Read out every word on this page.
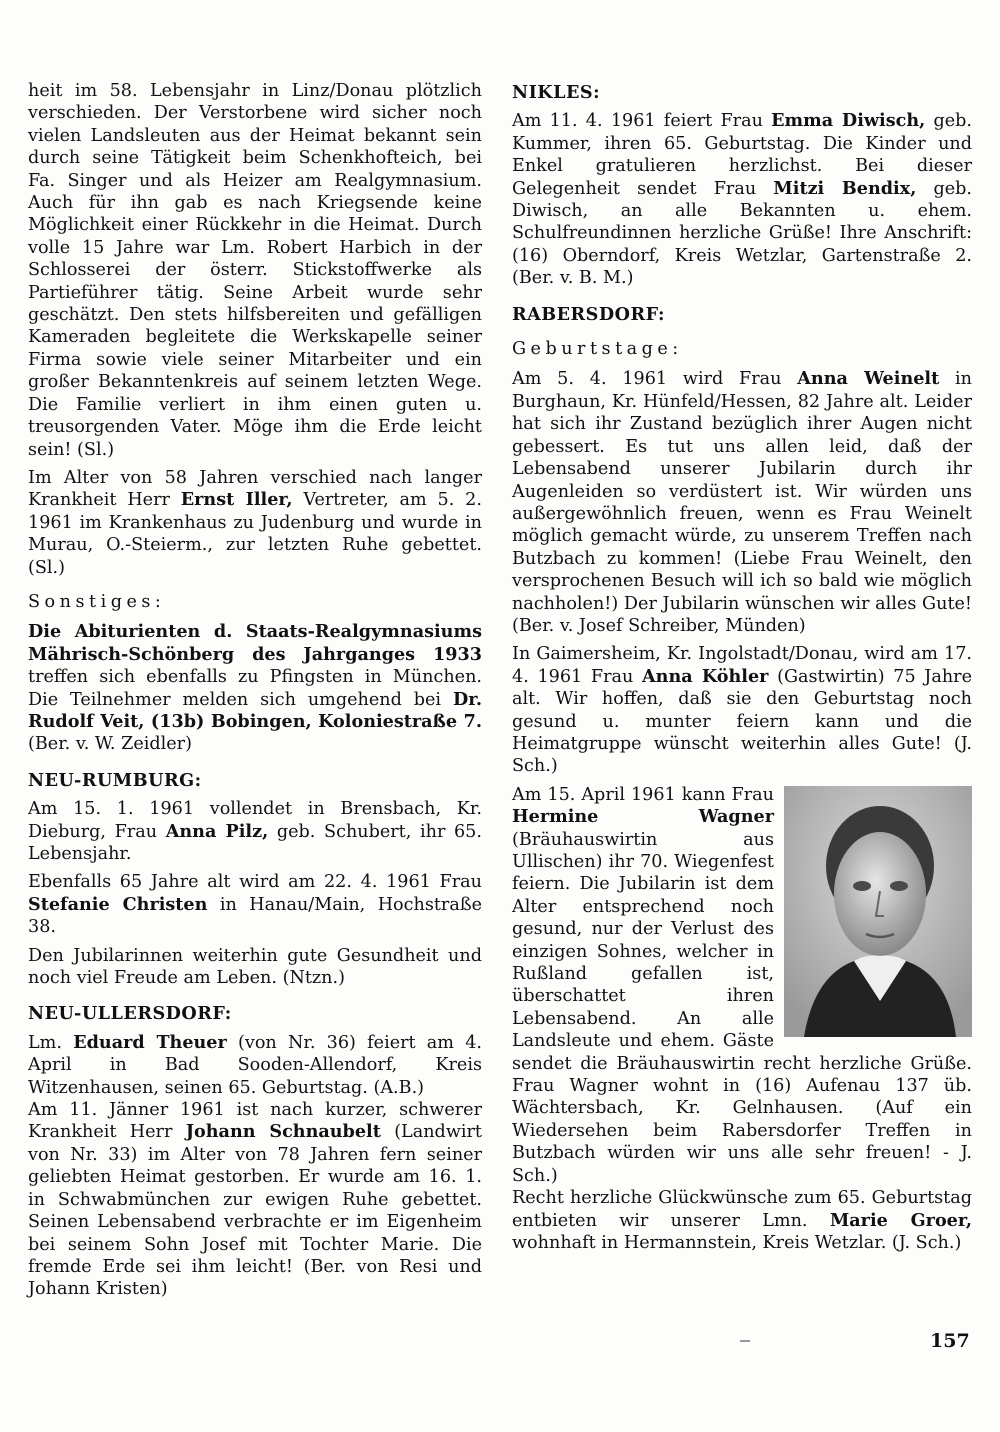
heit im 58. Lebensjahr in Linz/Donau plötzlich verschieden. Der Verstorbene wird sicher noch vielen Landsleuten aus der Heimat bekannt sein durch seine Tätigkeit beim Schenkhofteich, bei Fa. Singer und als Heizer am Realgymnasium. Auch für ihn gab es nach Kriegsende keine Möglichkeit einer Rückkehr in die Heimat. Durch volle 15 Jahre war Lm. Robert Harbich in der Schlosserei der österr. Stickstoffwerke als Partieführer tätig. Seine Arbeit wurde sehr geschätzt. Den stets hilfsbereiten und gefälligen Kameraden begleitete die Werkskapelle seiner Firma sowie viele seiner Mitarbeiter und ein großer Bekanntenkreis auf seinem letzten Wege. Die Familie verliert in ihm einen guten u. treusorgenden Vater. Möge ihm die Erde leicht sein! (Sl.)

Im Alter von 58 Jahren verschied nach langer Krankheit Herr Ernst Iller, Vertreter, am 5. 2. 1961 im Krankenhaus zu Judenburg und wurde in Murau, O.-Steierm., zur letzten Ruhe gebettet. (Sl.)

Sonstiges:

Die Abiturienten d. Staats-Realgymnasiums Mährisch-Schönberg des Jahrganges 1933 treffen sich ebenfalls zu Pfingsten in München. Die Teilnehmer melden sich umgehend bei Dr. Rudolf Veit, (13b) Bobingen, Koloniestraße 7. (Ber. v. W. Zeidler)

NEU-RUMBURG:

Am 15. 1. 1961 vollendet in Brensbach, Kr. Dieburg, Frau Anna Pilz, geb. Schubert, ihr 65. Lebensjahr.

Ebenfalls 65 Jahre alt wird am 22. 4. 1961 Frau Stefanie Christen in Hanau/Main, Hochstraße 38.

Den Jubilarinnen weiterhin gute Gesundheit und noch viel Freude am Leben. (Ntzn.)

NEU-ULLERSDORF:

Lm. Eduard Theuer (von Nr. 36) feiert am 4. April in Bad Sooden-Allendorf, Kreis Witzenhausen, seinen 65. Geburtstag. (A.B.)

Am 11. Jänner 1961 ist nach kurzer, schwerer Krankheit Herr Johann Schnaubelt (Landwirt von Nr. 33) im Alter von 78 Jahren fern seiner geliebten Heimat gestorben. Er wurde am 16. 1. in Schwabmünchen zur ewigen Ruhe gebettet. Seinen Lebensabend verbrachte er im Eigenheim bei seinem Sohn Josef mit Tochter Marie. Die fremde Erde sei ihm leicht! (Ber. von Resi und Johann Kristen)

NIKLES:

Am 11. 4. 1961 feiert Frau Emma Diwisch, geb. Kummer, ihren 65. Geburtstag. Die Kinder und Enkel gratulieren herzlichst. Bei dieser Gelegenheit sendet Frau Mitzi Bendix, geb. Diwisch, an alle Bekannten u. ehem. Schulfreundinnen herzliche Grüße! Ihre Anschrift: (16) Oberndorf, Kreis Wetzlar, Gartenstraße 2. (Ber. v. B. M.)

RABERSDORF:
Geburtstage:

Am 5. 4. 1961 wird Frau Anna Weinelt in Burghaun, Kr. Hünfeld/Hessen, 82 Jahre alt. Leider hat sich ihr Zustand bezüglich ihrer Augen nicht gebessert. Es tut uns allen leid, daß der Lebensabend unserer Jubilarin durch ihr Augenleiden so verdüstert ist. Wir würden uns außergewöhnlich freuen, wenn es Frau Weinelt möglich gemacht würde, zu unserem Treffen nach Butzbach zu kommen! (Liebe Frau Weinelt, den versprochenen Besuch will ich so bald wie möglich nachholen!) Der Jubilarin wünschen wir alles Gute! (Ber. v. Josef Schreiber, Münden)

In Gaimersheim, Kr. Ingolstadt/Donau, wird am 17. 4. 1961 Frau Anna Köhler (Gastwirtin) 75 Jahre alt. Wir hoffen, daß sie den Geburtstag noch gesund u. munter feiern kann und die Heimatgruppe wünscht weiterhin alles Gute! (J. Sch.)

Am 15. April 1961 kann Frau Hermine Wagner (Bräuhauswirtin aus Ullischen) ihr 70. Wiegenfest feiern. Die Jubilarin ist dem Alter entsprechend noch gesund, nur der Verlust des einzigen Sohnes, welcher in Rußland gefallen ist, überschattet ihren Lebensabend. An alle Landsleute und ehem. Gäste sendet die Bräuhauswirtin recht herzliche Grüße. Frau Wagner wohnt in (16) Aufenau 137 üb. Wächtersbach, Kr. Gelnhausen. (Auf ein Wiedersehen beim Rabersdorfer Treffen in Butzbach würden wir uns alle sehr freuen! - J. Sch.)

Recht herzliche Glückwünsche zum 65. Geburtstag entbieten wir unserer Lmn. Marie Groer, wohnhaft in Hermannstein, Kreis Wetzlar. (J. Sch.)

157
